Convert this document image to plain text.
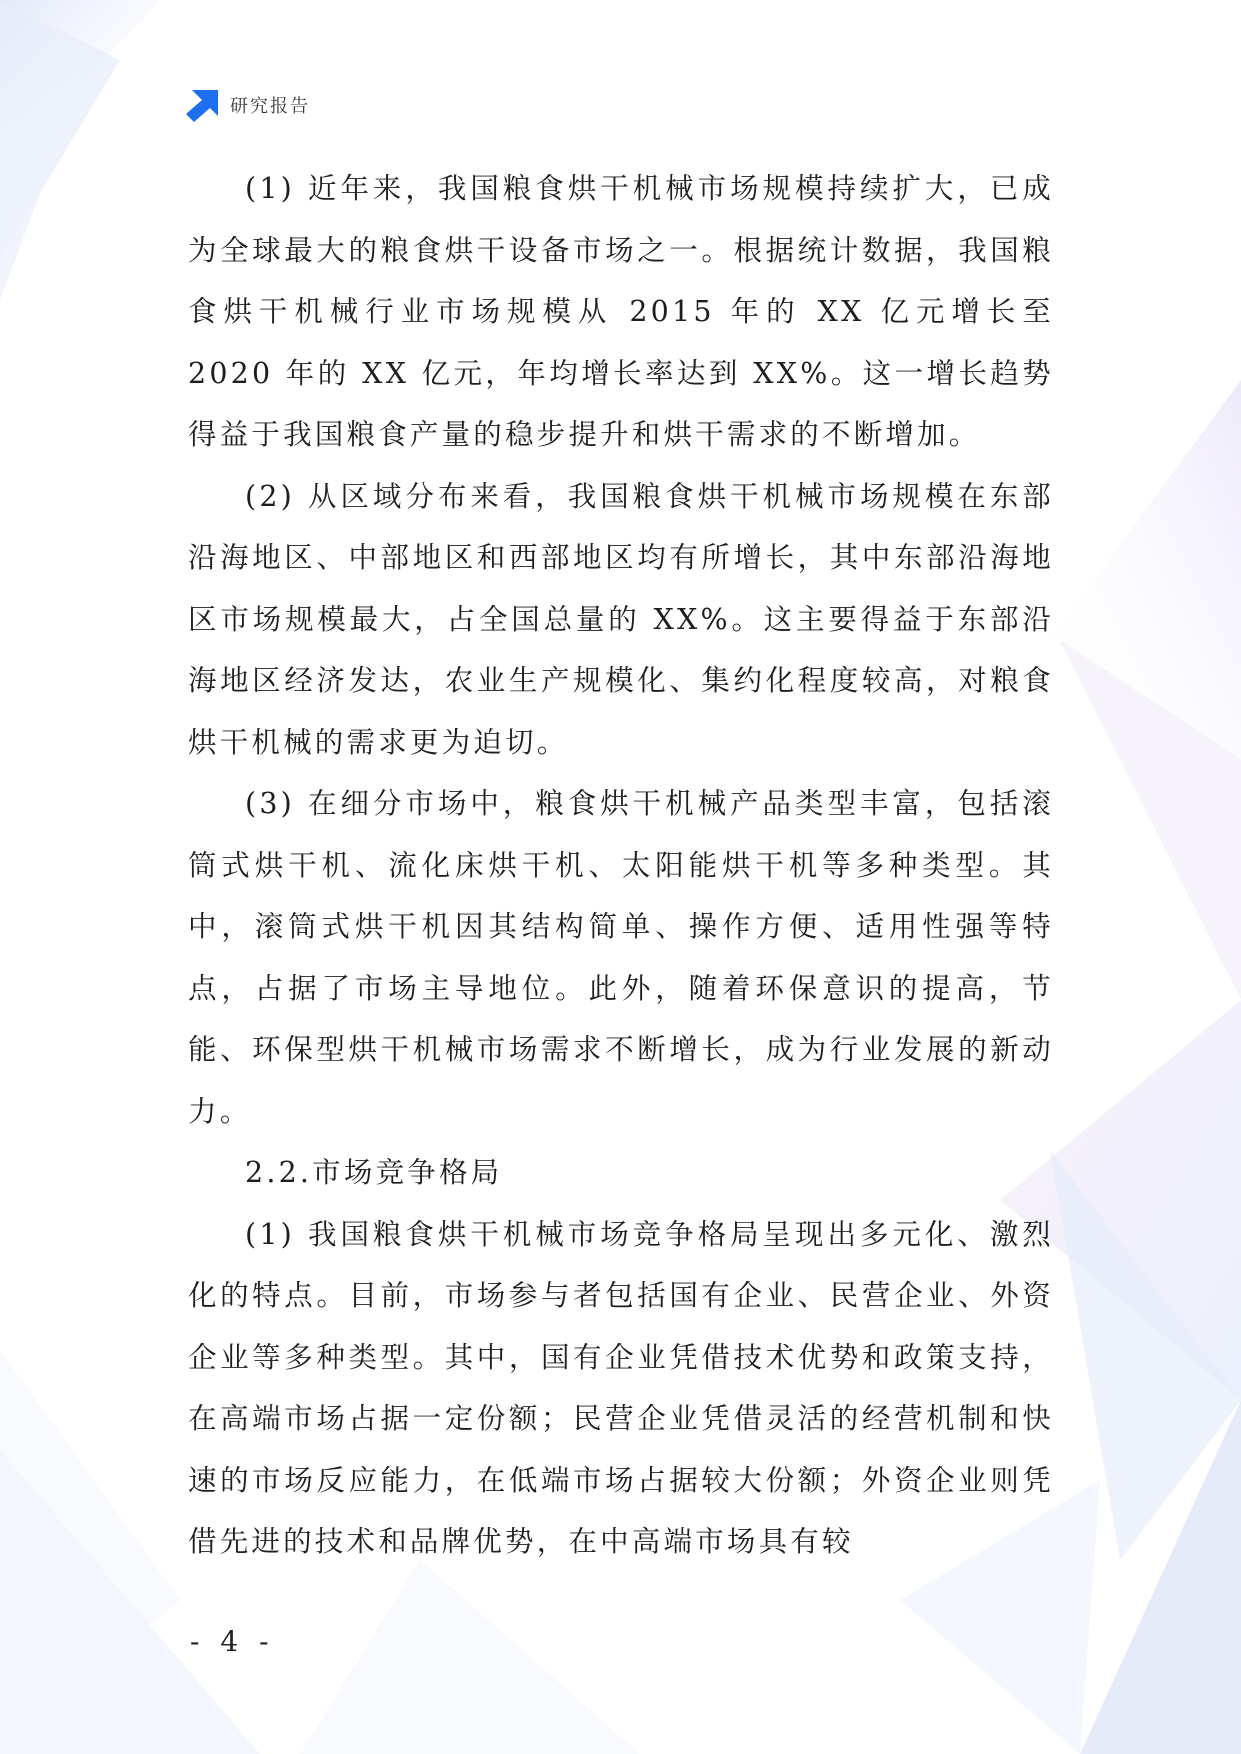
研究报告

(1) 近年来，我国粮食烘干机械市场规模持续扩大，已成为全球最大的粮食烘干设备市场之一。根据统计数据，我国粮食烘干机械行业市场规模从 2015 年的 XX 亿元增长至 2020 年的 XX 亿元，年均增长率达到 XX%。这一增长趋势得益于我国粮食产量的稳步提升和烘干需求的不断增加。

(2) 从区域分布来看，我国粮食烘干机械市场规模在东部沿海地区、中部地区和西部地区均有所增长，其中东部沿海地区市场规模最大，占全国总量的 XX%。这主要得益于东部沿海地区经济发达，农业生产规模化、集约化程度较高，对粮食烘干机械的需求更为迫切。

(3) 在细分市场中，粮食烘干机械产品类型丰富，包括滚筒式烘干机、流化床烘干机、太阳能烘干机等多种类型。其中，滚筒式烘干机因其结构简单、操作方便、适用性强等特点，占据了市场主导地位。此外，随着环保意识的提高，节能、环保型烘干机械市场需求不断增长，成为行业发展的新动力。

2.2.市场竞争格局

(1) 我国粮食烘干机械市场竞争格局呈现出多元化、激烈化的特点。目前，市场参与者包括国有企业、民营企业、外资企业等多种类型。其中，国有企业凭借技术优势和政策支持，在高端市场占据一定份额；民营企业凭借灵活的经营机制和快速的市场反应能力，在低端市场占据较大份额；外资企业则凭借先进的技术和品牌优势，在中高端市场具有较

- 4 -
